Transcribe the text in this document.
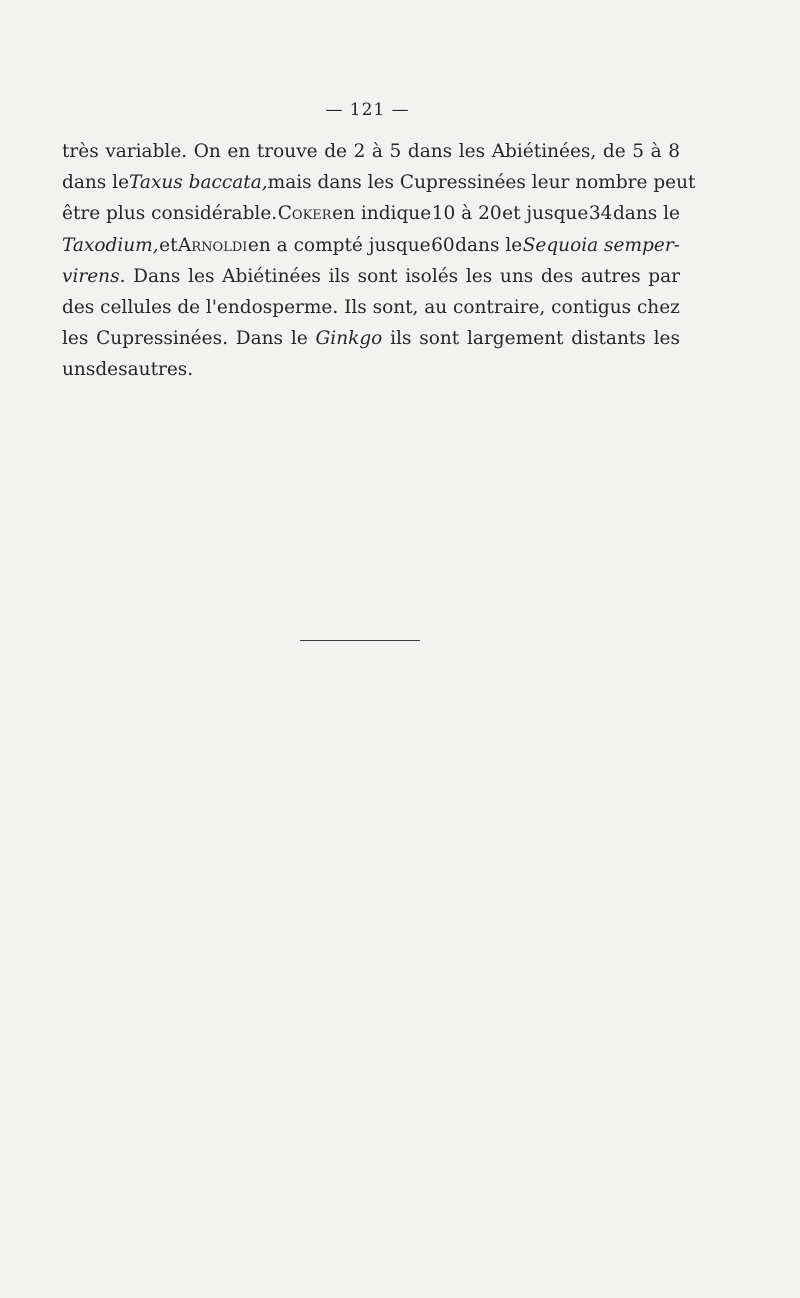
— 121 —
très variable. On en trouve de 2 à 5 dans les Abiétinées, de 5 à 8
dans le Taxus baccata, mais dans les Cupressinées leur nombre peut
être plus considérable. Coker en indique 10 à 20 et jusque 34 dans le
Taxodium, et Arnoldi en a compté jusque 60 dans le Sequoia semper-
virens. Dans les Abiétinées ils sont isolés les uns des autres par
des cellules de l'endosperme. Ils sont, au contraire, contigus chez
les Cupressinées. Dans le Ginkgo ils sont largement distants les
uns des autres.
